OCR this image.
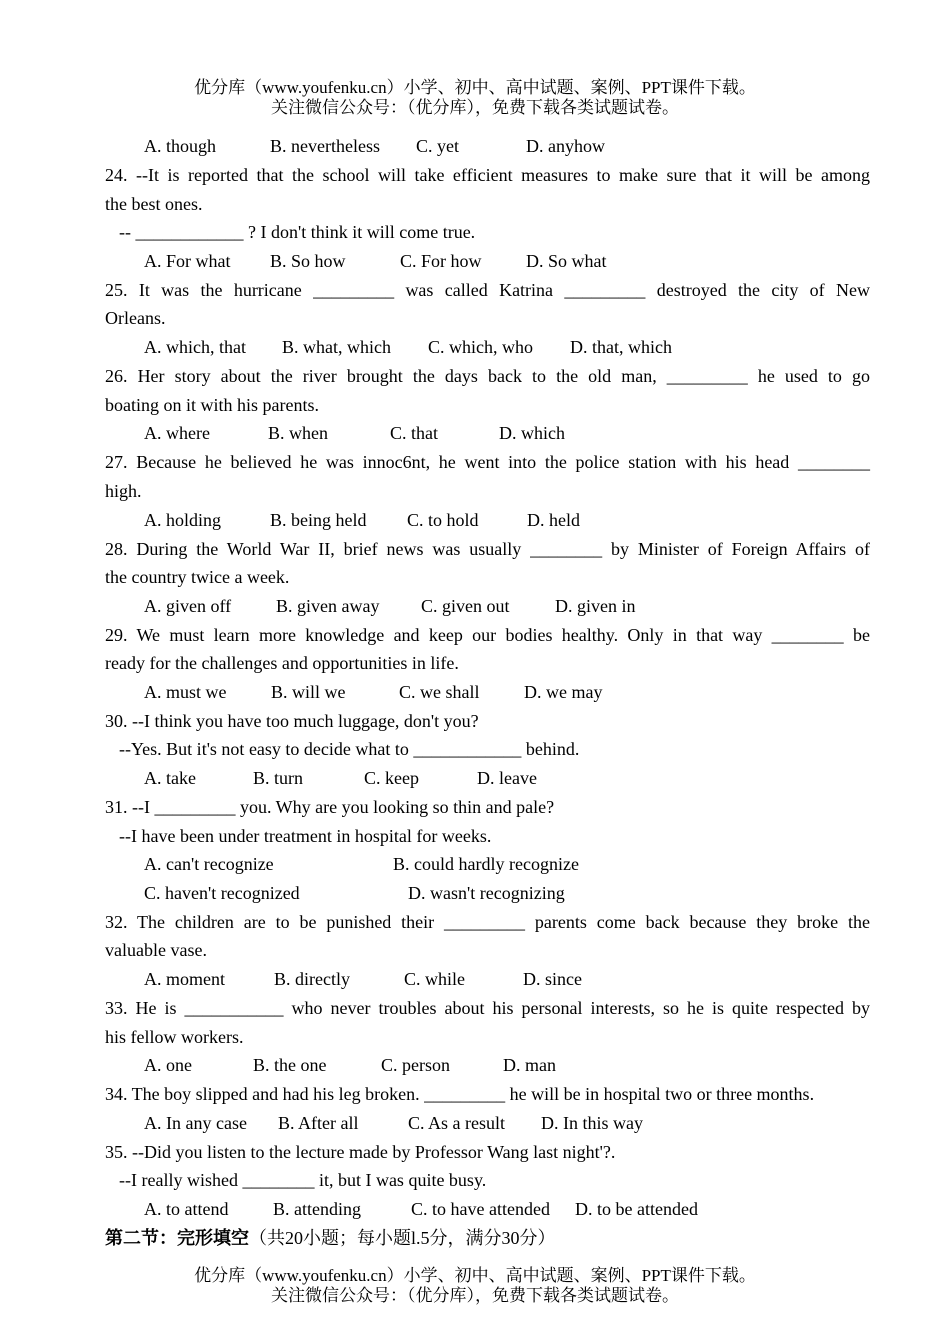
优分库（www.youfenku.cn）小学、初中、高中试题、案例、PPT课件下载。
关注微信公众号：（优分库），免费下载各类试题试卷。
A. though	B. nevertheless C. yet	D. anyhow
24. --It is reported that the school will take efficient measures to make sure that it will be among
the best ones.
-- ____________ ? I don't think it will come true.
A. For what B. So how	C. For how D. So what
25. It was the hurricane _________ was called Katrina _________ destroyed the city of New
Orleans.
A. which, that B. what, which C. which, who D. that, which
26. Her story about the river brought the days back to the old man, _________ he used to go
boating on it with his parents.
A. where	B. when	C. that	D. which
27. Because he believed he was innoc6nt, he went into the police station with his head ________
high.
A. holding	B. being held C. to hold	D. held
28. During the World War II, brief news was usually ________ by Minister of Foreign Affairs of
the country twice a week.
A. given off B. given away C. given out	D. given in
29. We must learn more knowledge and keep our bodies healthy. Only in that way ________ be
ready for the challenges and opportunities in life.
A. must we B. will we	C. we shall D. we may
30. --I think you have too much luggage, don't you?
--Yes. But it's not easy to decide what to ____________ behind.
A. take	B. turn	C. keep	D. leave
31. --I _________ you. Why are you looking so thin and pale?
--I have been under treatment in hospital for weeks.
A. can't recognize	B. could hardly recognize
C. haven't recognized	D. wasn't recognizing
32. The children are to be punished their _________ parents come back because they broke the
valuable vase.
A. moment	B. directly	C. while	D. since
33. He is ___________ who never troubles about his personal interests, so he is quite respected by
his fellow workers.
A. one	B. the one	C. person	D. man
34. The boy slipped and had his leg broken. _________ he will be in hospital two or three months.
A. In any case B. After all	C. As a result D. In this way
35. --Did you listen to the lecture made by Professor Wang last night'?.
--I really wished ________ it, but I was quite busy.
A. to attend B. attending	C. to have attended D. to be attended
第二节：完形填空（共20小题；每小题l.5分，满分30分）
优分库（www.youfenku.cn）小学、初中、高中试题、案例、PPT课件下载。
关注微信公众号：（优分库），免费下载各类试题试卷。
